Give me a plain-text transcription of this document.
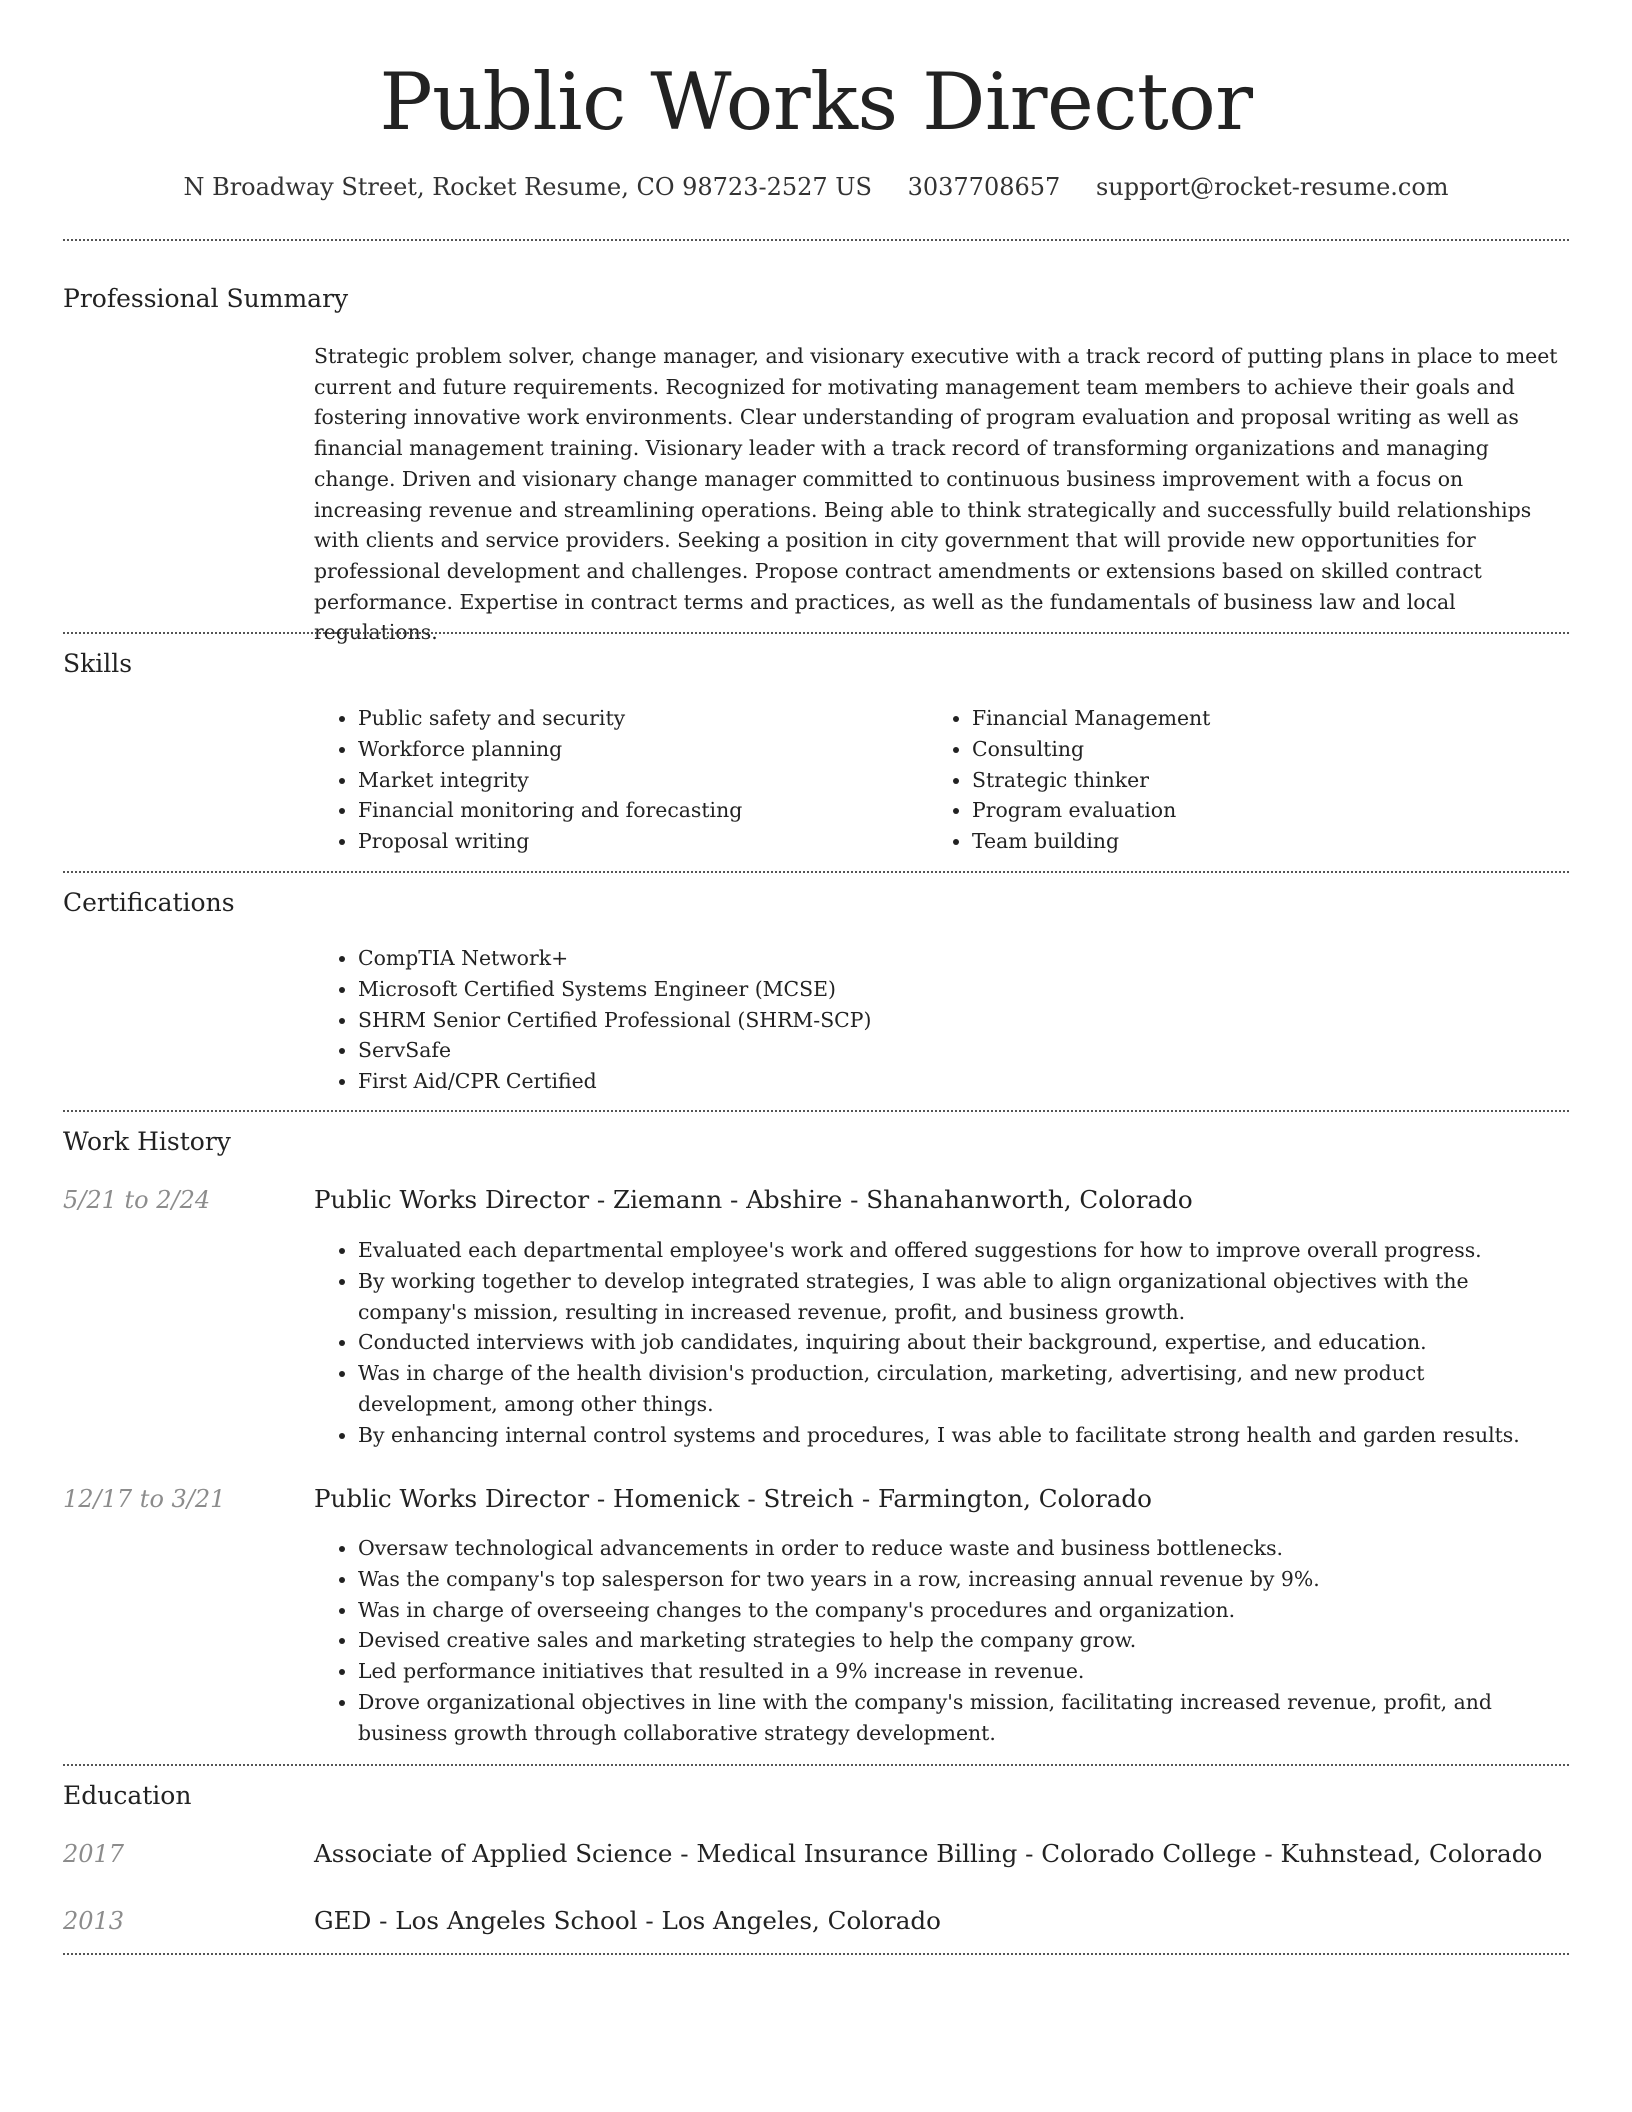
Public Works Director
N Broadway Street, Rocket Resume, CO 98723-2527 US 3037708657 support@rocket-resume.com
Professional Summary

Strategic problem solver, change manager, and visionary executive with a track record of putting plans in place to meet current and future requirements. Recognized for motivating management team members to achieve their goals and fostering innovative work environments. Clear understanding of program evaluation and proposal writing as well as financial management training. Visionary leader with a track record of transforming organizations and managing change. Driven and visionary change manager committed to continuous business improvement with a focus on increasing revenue and streamlining operations. Being able to think strategically and successfully build relationships with clients and service providers. Seeking a position in city government that will provide new opportunities for professional development and challenges. Propose contract amendments or extensions based on skilled contract performance. Expertise in contract terms and practices, as well as the fundamentals of business law and local regulations.

Skills
• Public safety and security
• Workforce planning
• Market integrity
• Financial monitoring and forecasting
• Proposal writing
• Financial Management
• Consulting
• Strategic thinker
• Program evaluation
• Team building
Certifications
• CompTIA Network+
• Microsoft Certified Systems Engineer (MCSE)
• SHRM Senior Certified Professional (SHRM-SCP)
• ServSafe
• First Aid/CPR Certified
Work History
5/21 to 2/24	Public Works Director - Ziemann - Abshire - Shanahanworth, Colorado
• Evaluated each departmental employee's work and offered suggestions for how to improve overall progress.
• By working together to develop integrated strategies, I was able to align organizational objectives with the company's mission, resulting in increased revenue, profit, and business growth.
• Conducted interviews with job candidates, inquiring about their background, expertise, and education.
• Was in charge of the health division's production, circulation, marketing, advertising, and new product development, among other things.
• By enhancing internal control systems and procedures, I was able to facilitate strong health and garden results.
12/17 to 3/21	Public Works Director - Homenick - Streich - Farmington, Colorado
• Oversaw technological advancements in order to reduce waste and business bottlenecks.
• Was the company's top salesperson for two years in a row, increasing annual revenue by 9%.
• Was in charge of overseeing changes to the company's procedures and organization.
• Devised creative sales and marketing strategies to help the company grow.
• Led performance initiatives that resulted in a 9% increase in revenue.
• Drove organizational objectives in line with the company's mission, facilitating increased revenue, profit, and business growth through collaborative strategy development.
Education
2017	Associate of Applied Science - Medical Insurance Billing - Colorado College - Kuhnstead, Colorado
2013	GED - Los Angeles School - Los Angeles, Colorado
